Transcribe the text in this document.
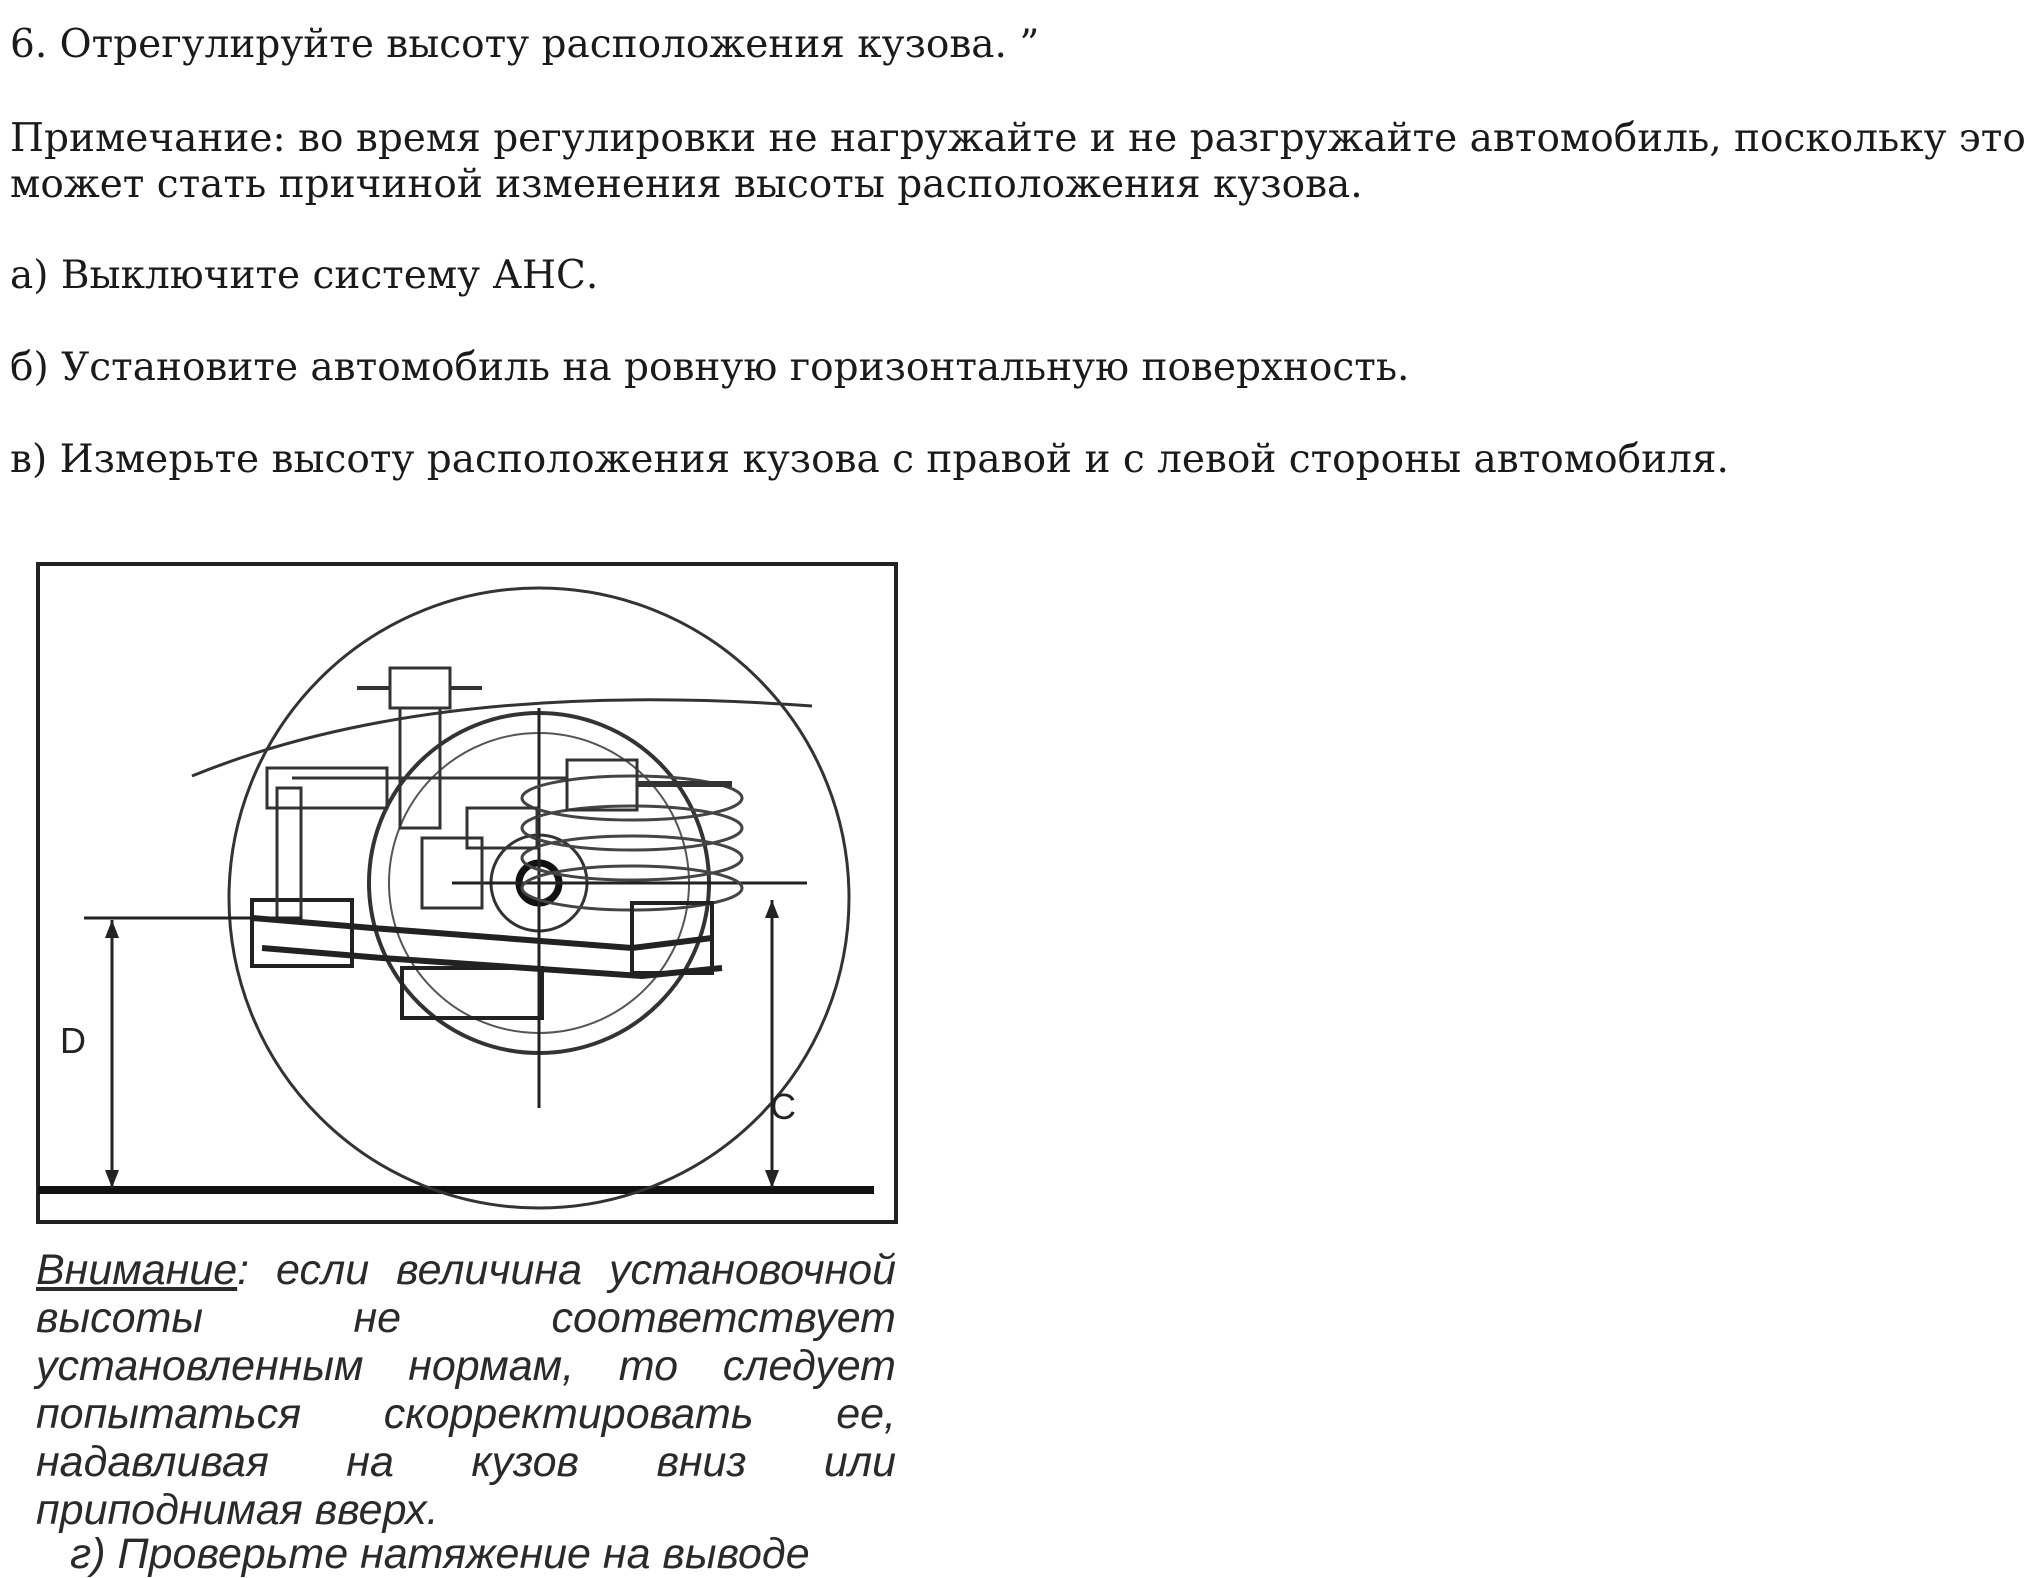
6. Отрегулируйте высоту расположения кузова. ”

Примечание: во время регулировки не нагружайте и не разгружайте автомобиль, поскольку это
может стать причиной изменения высоты расположения кузова.

а) Выключите систему АНС.

б) Установите автомобиль на ровную горизонтальную поверхность.

в) Измерьте высоту расположения кузова с правой и с левой стороны автомобиля.

D
C
Внимание: если величина установочной высоты не соответствует установленным нормам, то следует попытаться скорректировать ее, надавливая на кузов вниз или приподнимая вверх.
г) Проверьте натяжение на выводе
